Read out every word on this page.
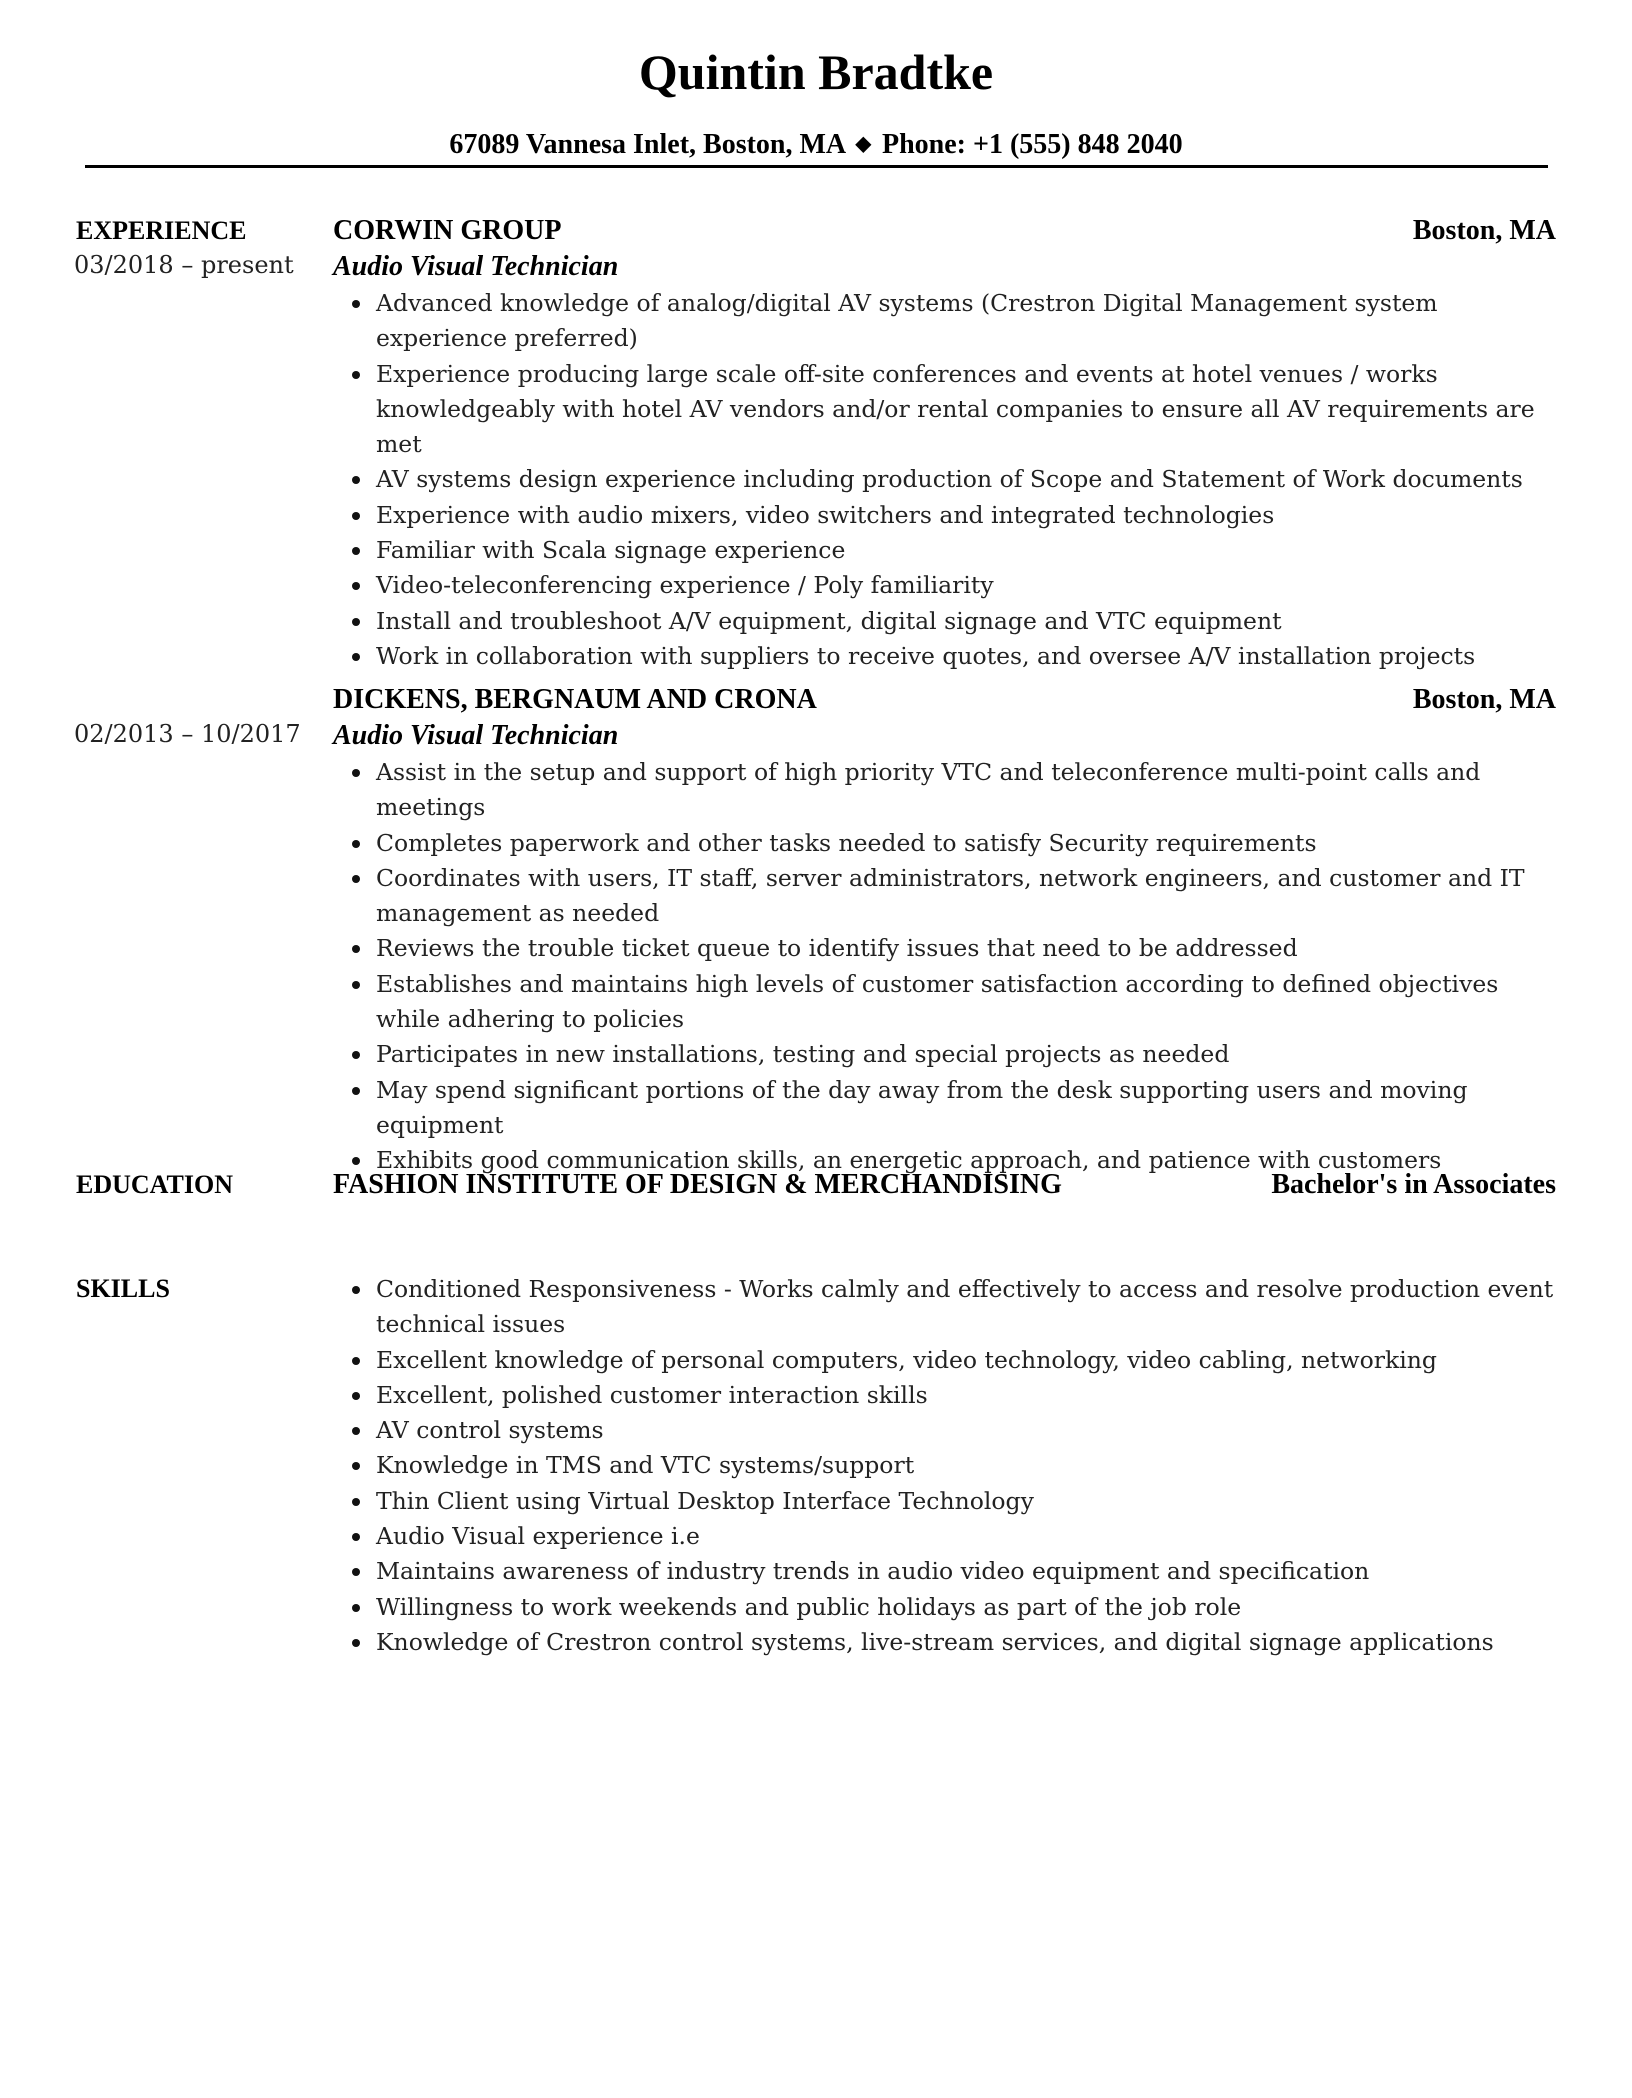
Quintin Bradtke
67089 Vannesa Inlet, Boston, MA ◆ Phone: +1 (555) 848 2040
EXPERIENCE
03/2018 – present
CORWIN GROUP	Boston, MA
Audio Visual Technician
Advanced knowledge of analog/digital AV systems (Crestron Digital Management system experience preferred)
Experience producing large scale off-site conferences and events at hotel venues / works knowledgeably with hotel AV vendors and/or rental companies to ensure all AV requirements are met
AV systems design experience including production of Scope and Statement of Work documents
Experience with audio mixers, video switchers and integrated technologies
Familiar with Scala signage experience
Video-teleconferencing experience / Poly familiarity
Install and troubleshoot A/V equipment, digital signage and VTC equipment
Work in collaboration with suppliers to receive quotes, and oversee A/V installation projects
02/2013 – 10/2017
DICKENS, BERGNAUM AND CRONA	Boston, MA
Audio Visual Technician
Assist in the setup and support of high priority VTC and teleconference multi-point calls and meetings
Completes paperwork and other tasks needed to satisfy Security requirements
Coordinates with users, IT staff, server administrators, network engineers, and customer and IT management as needed
Reviews the trouble ticket queue to identify issues that need to be addressed
Establishes and maintains high levels of customer satisfaction according to defined objectives while adhering to policies
Participates in new installations, testing and special projects as needed
May spend significant portions of the day away from the desk supporting users and moving equipment
Exhibits good communication skills, an energetic approach, and patience with customers
EDUCATION	FASHION INSTITUTE OF DESIGN & MERCHANDISING	Bachelor's in Associates
SKILLS	Conditioned Responsiveness - Works calmly and effectively to access and resolve production event technical issues
Excellent knowledge of personal computers, video technology, video cabling, networking
Excellent, polished customer interaction skills
AV control systems
Knowledge in TMS and VTC systems/support
Thin Client using Virtual Desktop Interface Technology
Audio Visual experience i.e
Maintains awareness of industry trends in audio video equipment and specification
Willingness to work weekends and public holidays as part of the job role
Knowledge of Crestron control systems, live-stream services, and digital signage applications
